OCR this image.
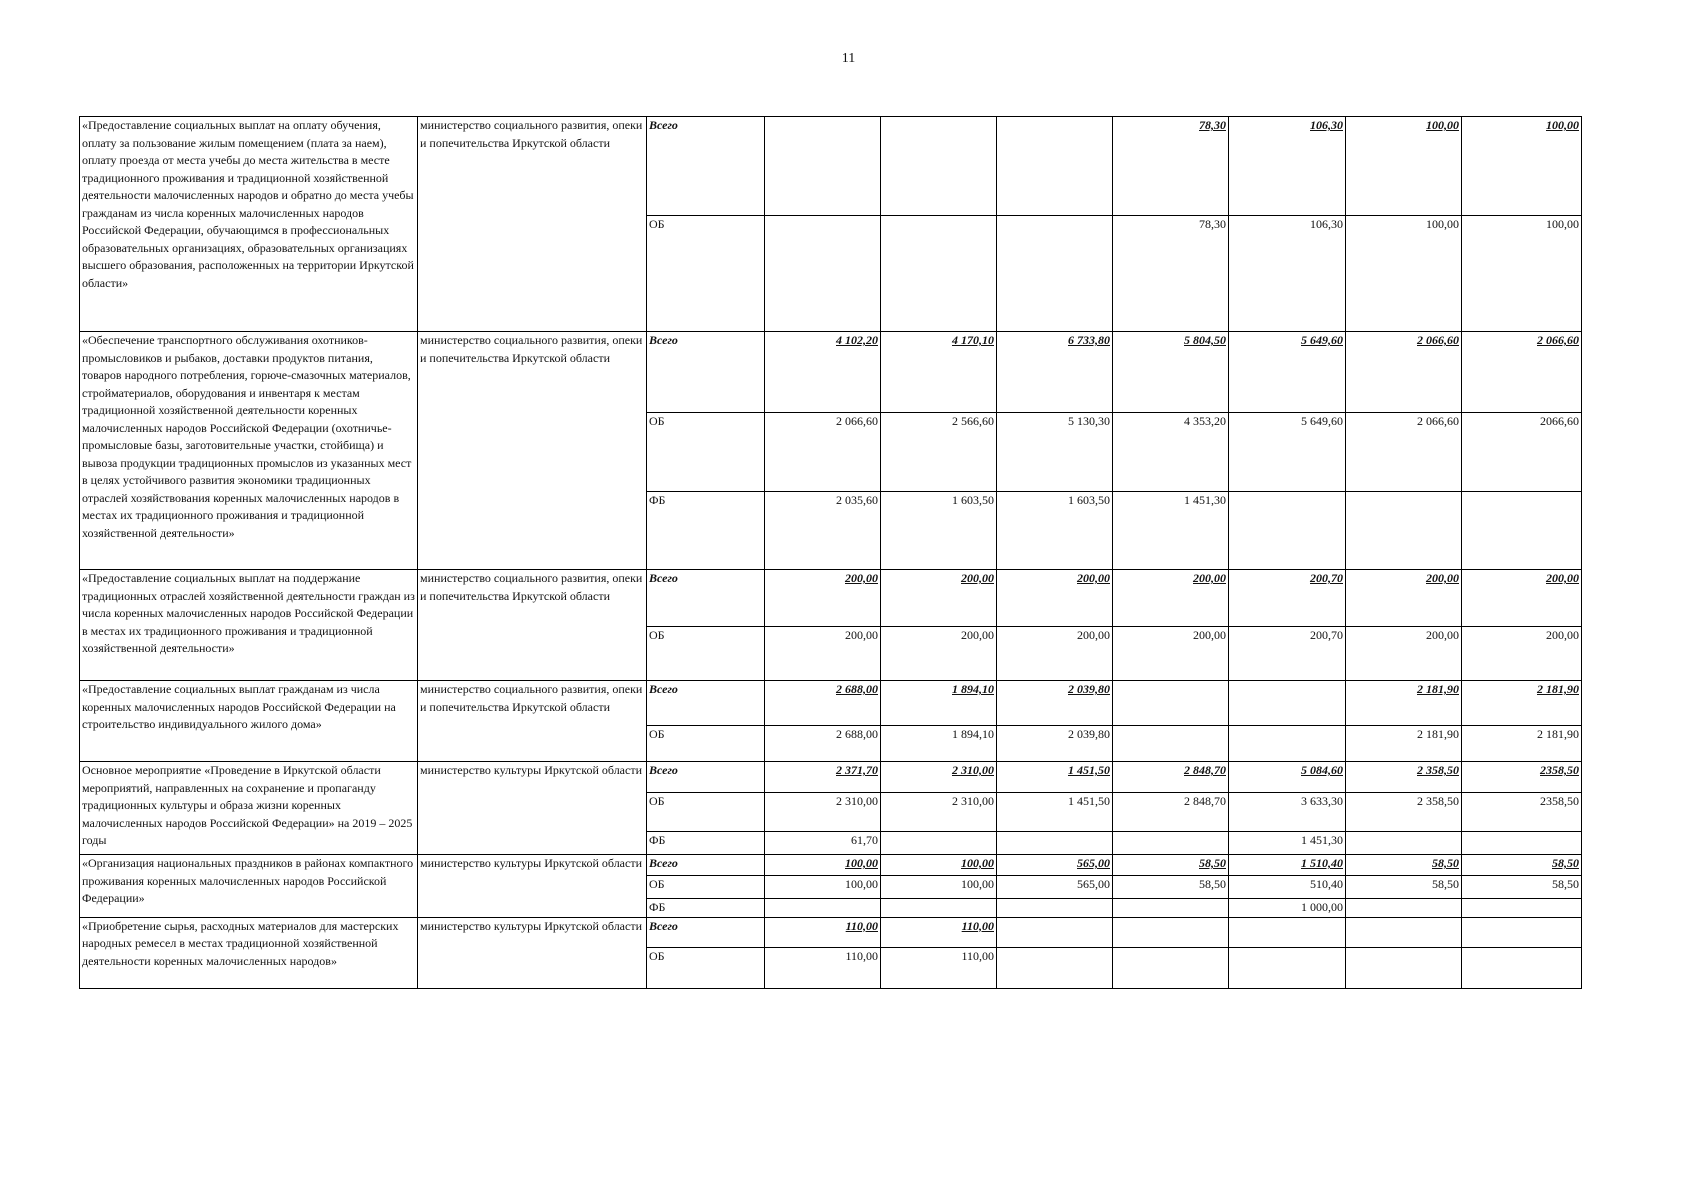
11
«Предоставление социальных выплат на оплату обучения, оплату за пользование жилым помещением (плата за наем), оплату проезда от места учебы до места жительства в месте традиционного проживания и традиционной хозяйственной деятельности малочисленных народов и обратно до места учебы гражданам из числа коренных малочисленных народов Российской Федерации, обучающимся в профессиональных образовательных организациях, образовательных организациях высшего образования, расположенных на территории Иркутской области»	министерство социального развития, опеки и попечительства Иркутской области	Всего				78,30	106,30	100,00	100,00
		ОБ				78,30	106,30	100,00	100,00
«Обеспечение транспортного обслуживания охотников-промысловиков и рыбаков, доставки продуктов питания, товаров народного потребления, горюче-смазочных материалов, стройматериалов, оборудования и инвентаря к местам традиционной хозяйственной деятельности коренных малочисленных народов Российской Федерации (охотничье-промысловые базы, заготовительные участки, стойбища) и вывоза продукции традиционных промыслов из указанных мест в целях устойчивого развития экономики традиционных отраслей хозяйствования коренных малочисленных народов в местах их традиционного проживания и традиционной хозяйственной деятельности»	министерство социального развития, опеки и попечительства Иркутской области	Всего	4 102,20	4 170,10	6 733,80	5 804,50	5 649,60	2 066,60	2 066,60
		ОБ	2 066,60	2 566,60	5 130,30	4 353,20	5 649,60	2 066,60	2066,60
		ФБ	2 035,60	1 603,50	1 603,50	1 451,30			
«Предоставление социальных выплат на поддержание традиционных отраслей хозяйственной деятельности граждан из числа коренных малочисленных народов Российской Федерации в местах их традиционного проживания и традиционной хозяйственной деятельности»	министерство социального развития, опеки и попечительства Иркутской области	Всего	200,00	200,00	200,00	200,00	200,70	200,00	200,00
		ОБ	200,00	200,00	200,00	200,00	200,70	200,00	200,00
«Предоставление социальных выплат гражданам из числа коренных малочисленных народов Российской Федерации на строительство индивидуального жилого дома»	министерство социального развития, опеки и попечительства Иркутской области	Всего	2 688,00	1 894,10	2 039,80			2 181,90	2 181,90
		ОБ	2 688,00	1 894,10	2 039,80			2 181,90	2 181,90
Основное мероприятие «Проведение в Иркутской области мероприятий, направленных на сохранение и пропаганду традиционных культуры и образа жизни коренных малочисленных народов Российской Федерации» на 2019 – 2025 годы	министерство культуры Иркутской области	Всего	2 371,70	2 310,00	1 451,50	2 848,70	5 084,60	2 358,50	2358,50
		ОБ	2 310,00	2 310,00	1 451,50	2 848,70	3 633,30	2 358,50	2358,50
		ФБ	61,70				1 451,30		
«Организация национальных праздников в районах компактного проживания коренных малочисленных народов Российской Федерации»	министерство культуры Иркутской области	Всего	100,00	100,00	565,00	58,50	1 510,40	58,50	58,50
		ОБ	100,00	100,00	565,00	58,50	510,40	58,50	58,50
		ФБ					1 000,00		
«Приобретение сырья, расходных материалов для мастерских народных ремесел в местах традиционной хозяйственной деятельности коренных малочисленных народов»	министерство культуры Иркутской области	Всего	110,00	110,00					
		ОБ	110,00	110,00					
